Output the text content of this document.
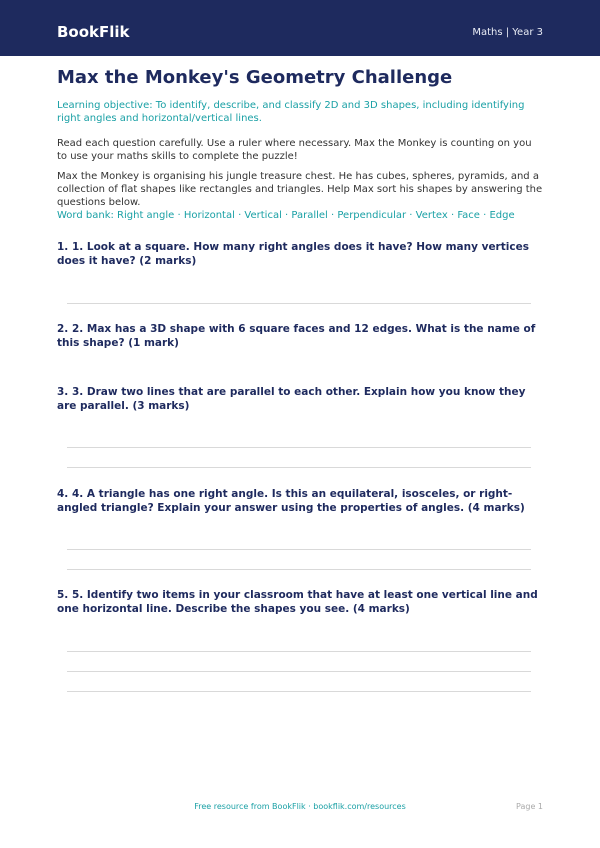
BookFlik	Maths | Year 3
Max the Monkey's Geometry Challenge
Learning objective: To identify, describe, and classify 2D and 3D shapes, including identifying right angles and horizontal/vertical lines.
Read each question carefully. Use a ruler where necessary. Max the Monkey is counting on you to use your maths skills to complete the puzzle!
Max the Monkey is organising his jungle treasure chest. He has cubes, spheres, pyramids, and a collection of flat shapes like rectangles and triangles. Help Max sort his shapes by answering the questions below.
Word bank: Right angle · Horizontal · Vertical · Parallel · Perpendicular · Vertex · Face · Edge
1. 1. Look at a square. How many right angles does it have? How many vertices does it have? (2 marks)
2. 2. Max has a 3D shape with 6 square faces and 12 edges. What is the name of this shape? (1 mark)
3. 3. Draw two lines that are parallel to each other. Explain how you know they are parallel. (3 marks)
4. 4. A triangle has one right angle. Is this an equilateral, isosceles, or right-angled triangle? Explain your answer using the properties of angles. (4 marks)
5. 5. Identify two items in your classroom that have at least one vertical line and one horizontal line. Describe the shapes you see. (4 marks)
Free resource from BookFlik · bookflik.com/resources	Page 1
